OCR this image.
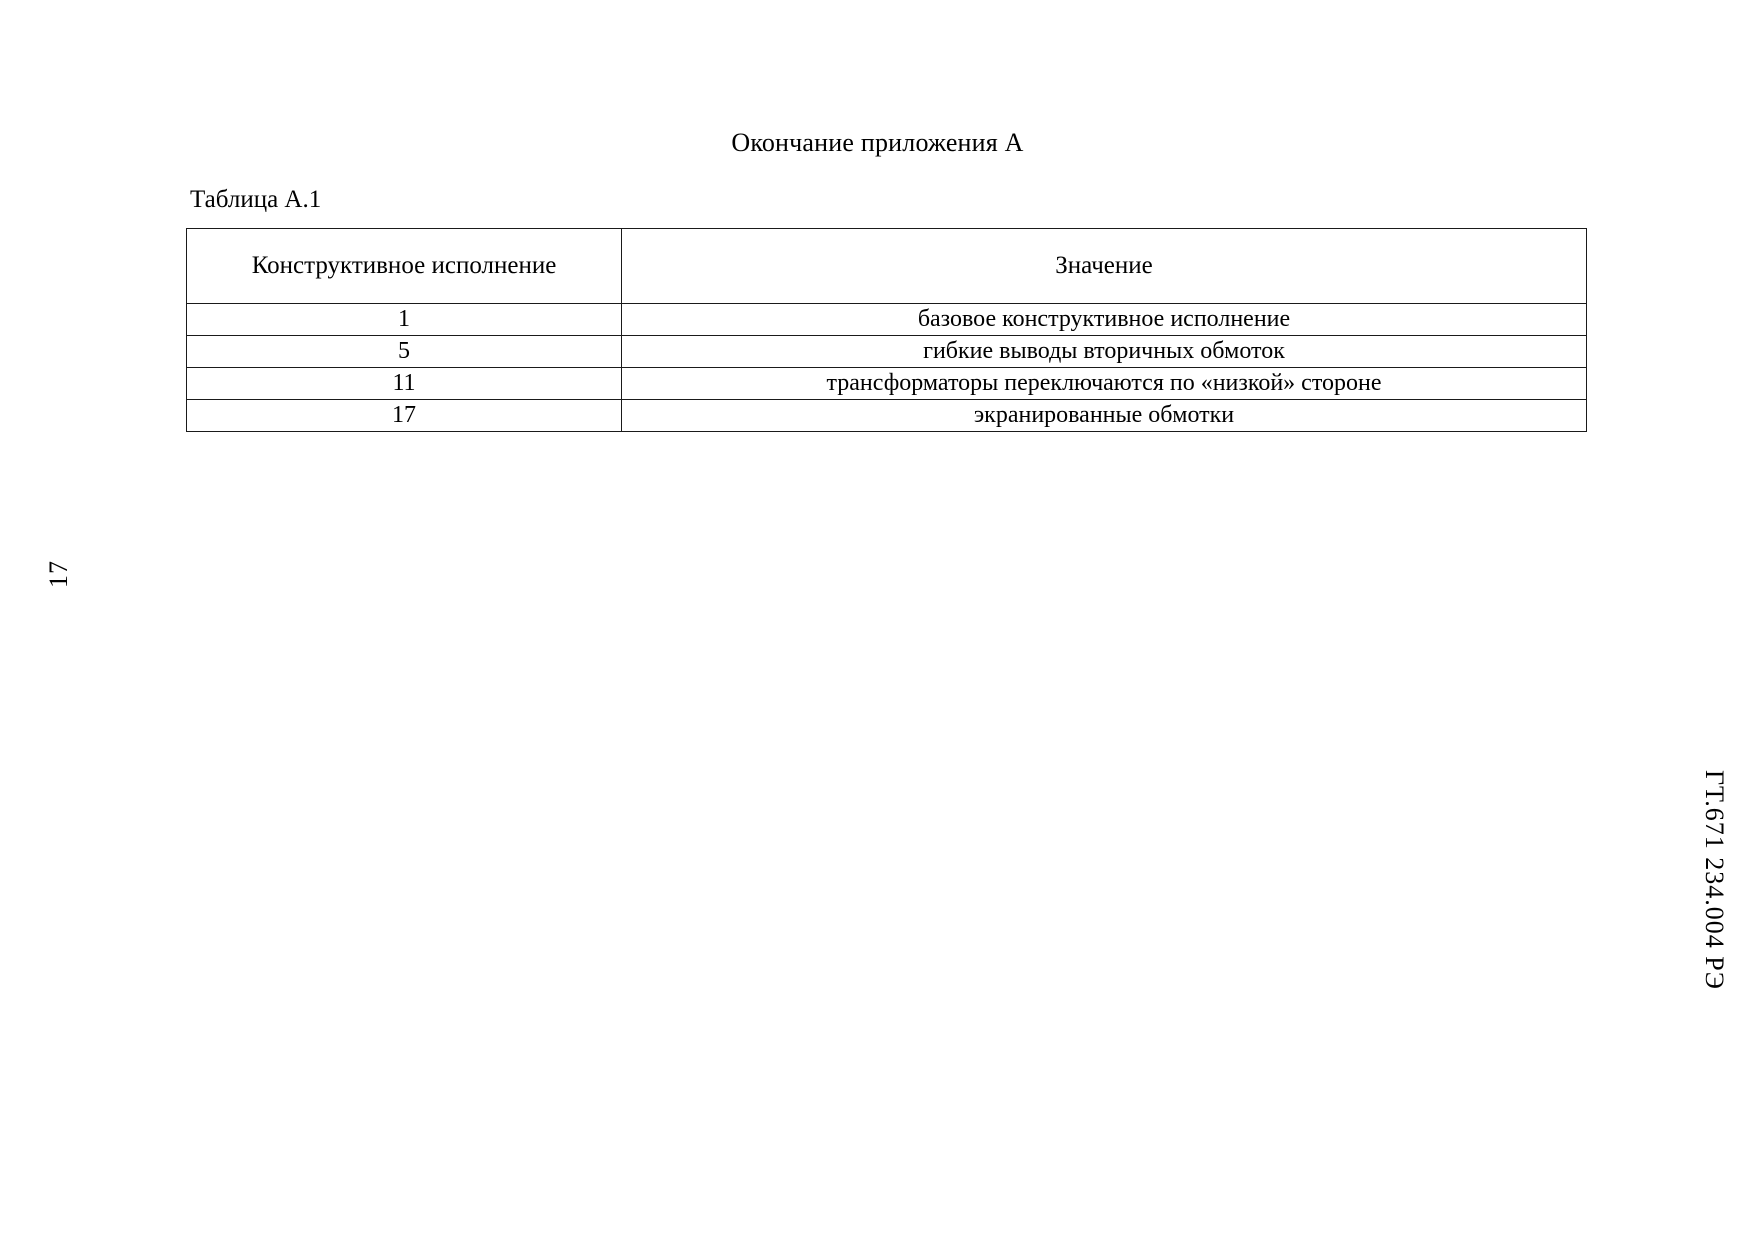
Окончание приложения А
Таблица А.1
Конструктивное исполнение	Значение
1	базовое конструктивное исполнение
5	гибкие выводы вторичных обмоток
11	трансформаторы переключаются по «низкой» стороне
17	экранированные обмотки
17
ГТ.671 234.004 РЭ
